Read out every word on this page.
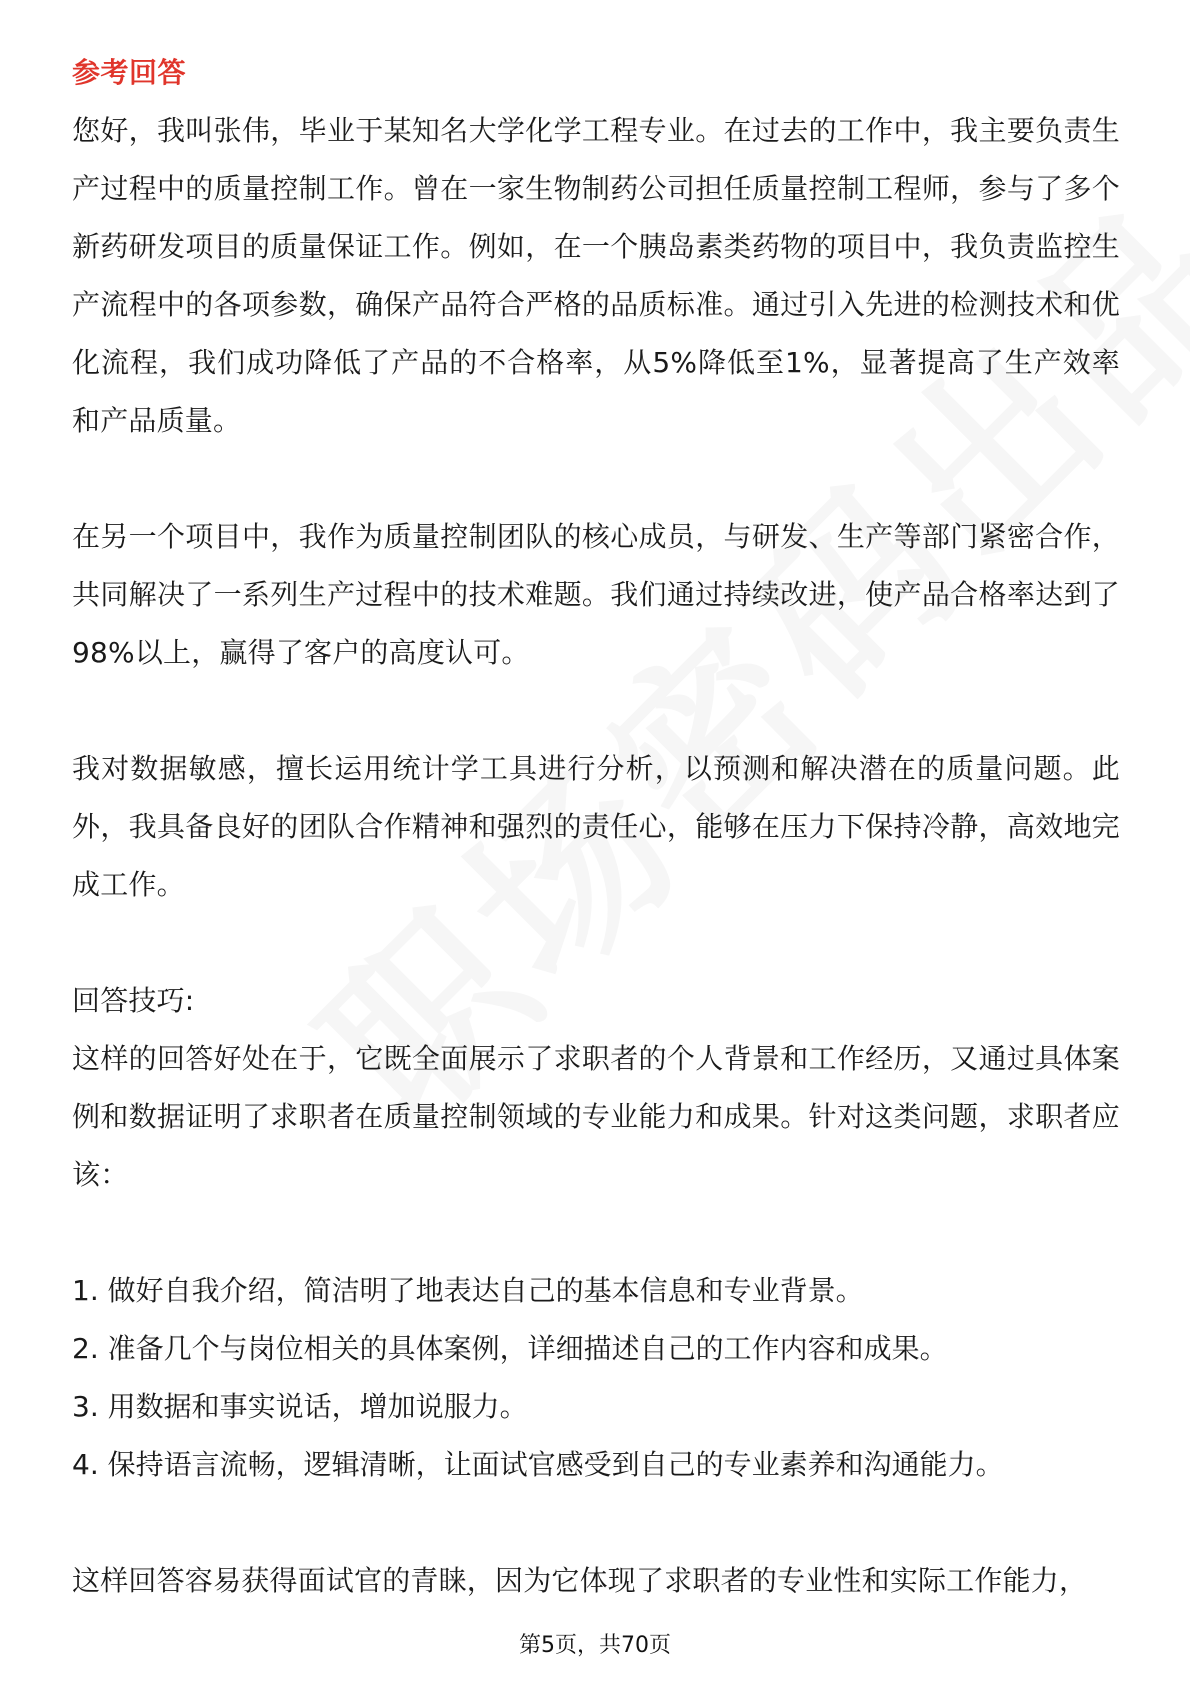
参考回答

您好，我叫张伟，毕业于某知名大学化学工程专业。在过去的工作中，我主要负责生产过程中的质量控制工作。曾在一家生物制药公司担任质量控制工程师，参与了多个新药研发项目的质量保证工作。例如，在一个胰岛素类药物的项目中，我负责监控生产流程中的各项参数，确保产品符合严格的品质标准。通过引入先进的检测技术和优化流程，我们成功降低了产品的不合格率，从5%降低至1%，显著提高了生产效率和产品质量。

在另一个项目中，我作为质量控制团队的核心成员，与研发、生产等部门紧密合作，共同解决了一系列生产过程中的技术难题。我们通过持续改进，使产品合格率达到了98%以上，赢得了客户的高度认可。

我对数据敏感，擅长运用统计学工具进行分析，以预测和解决潜在的质量问题。此外，我具备良好的团队合作精神和强烈的责任心，能够在压力下保持冷静，高效地完成工作。

回答技巧:

这样的回答好处在于，它既全面展示了求职者的个人背景和工作经历，又通过具体案例和数据证明了求职者在质量控制领域的专业能力和成果。针对这类问题，求职者应该：

1. 做好自我介绍，简洁明了地表达自己的基本信息和专业背景。

2. 准备几个与岗位相关的具体案例，详细描述自己的工作内容和成果。

3. 用数据和事实说话，增加说服力。

4. 保持语言流畅，逻辑清晰，让面试官感受到自己的专业素养和沟通能力。

这样回答容易获得面试官的青睐，因为它体现了求职者的专业性和实际工作能力，

第5页，共70页
